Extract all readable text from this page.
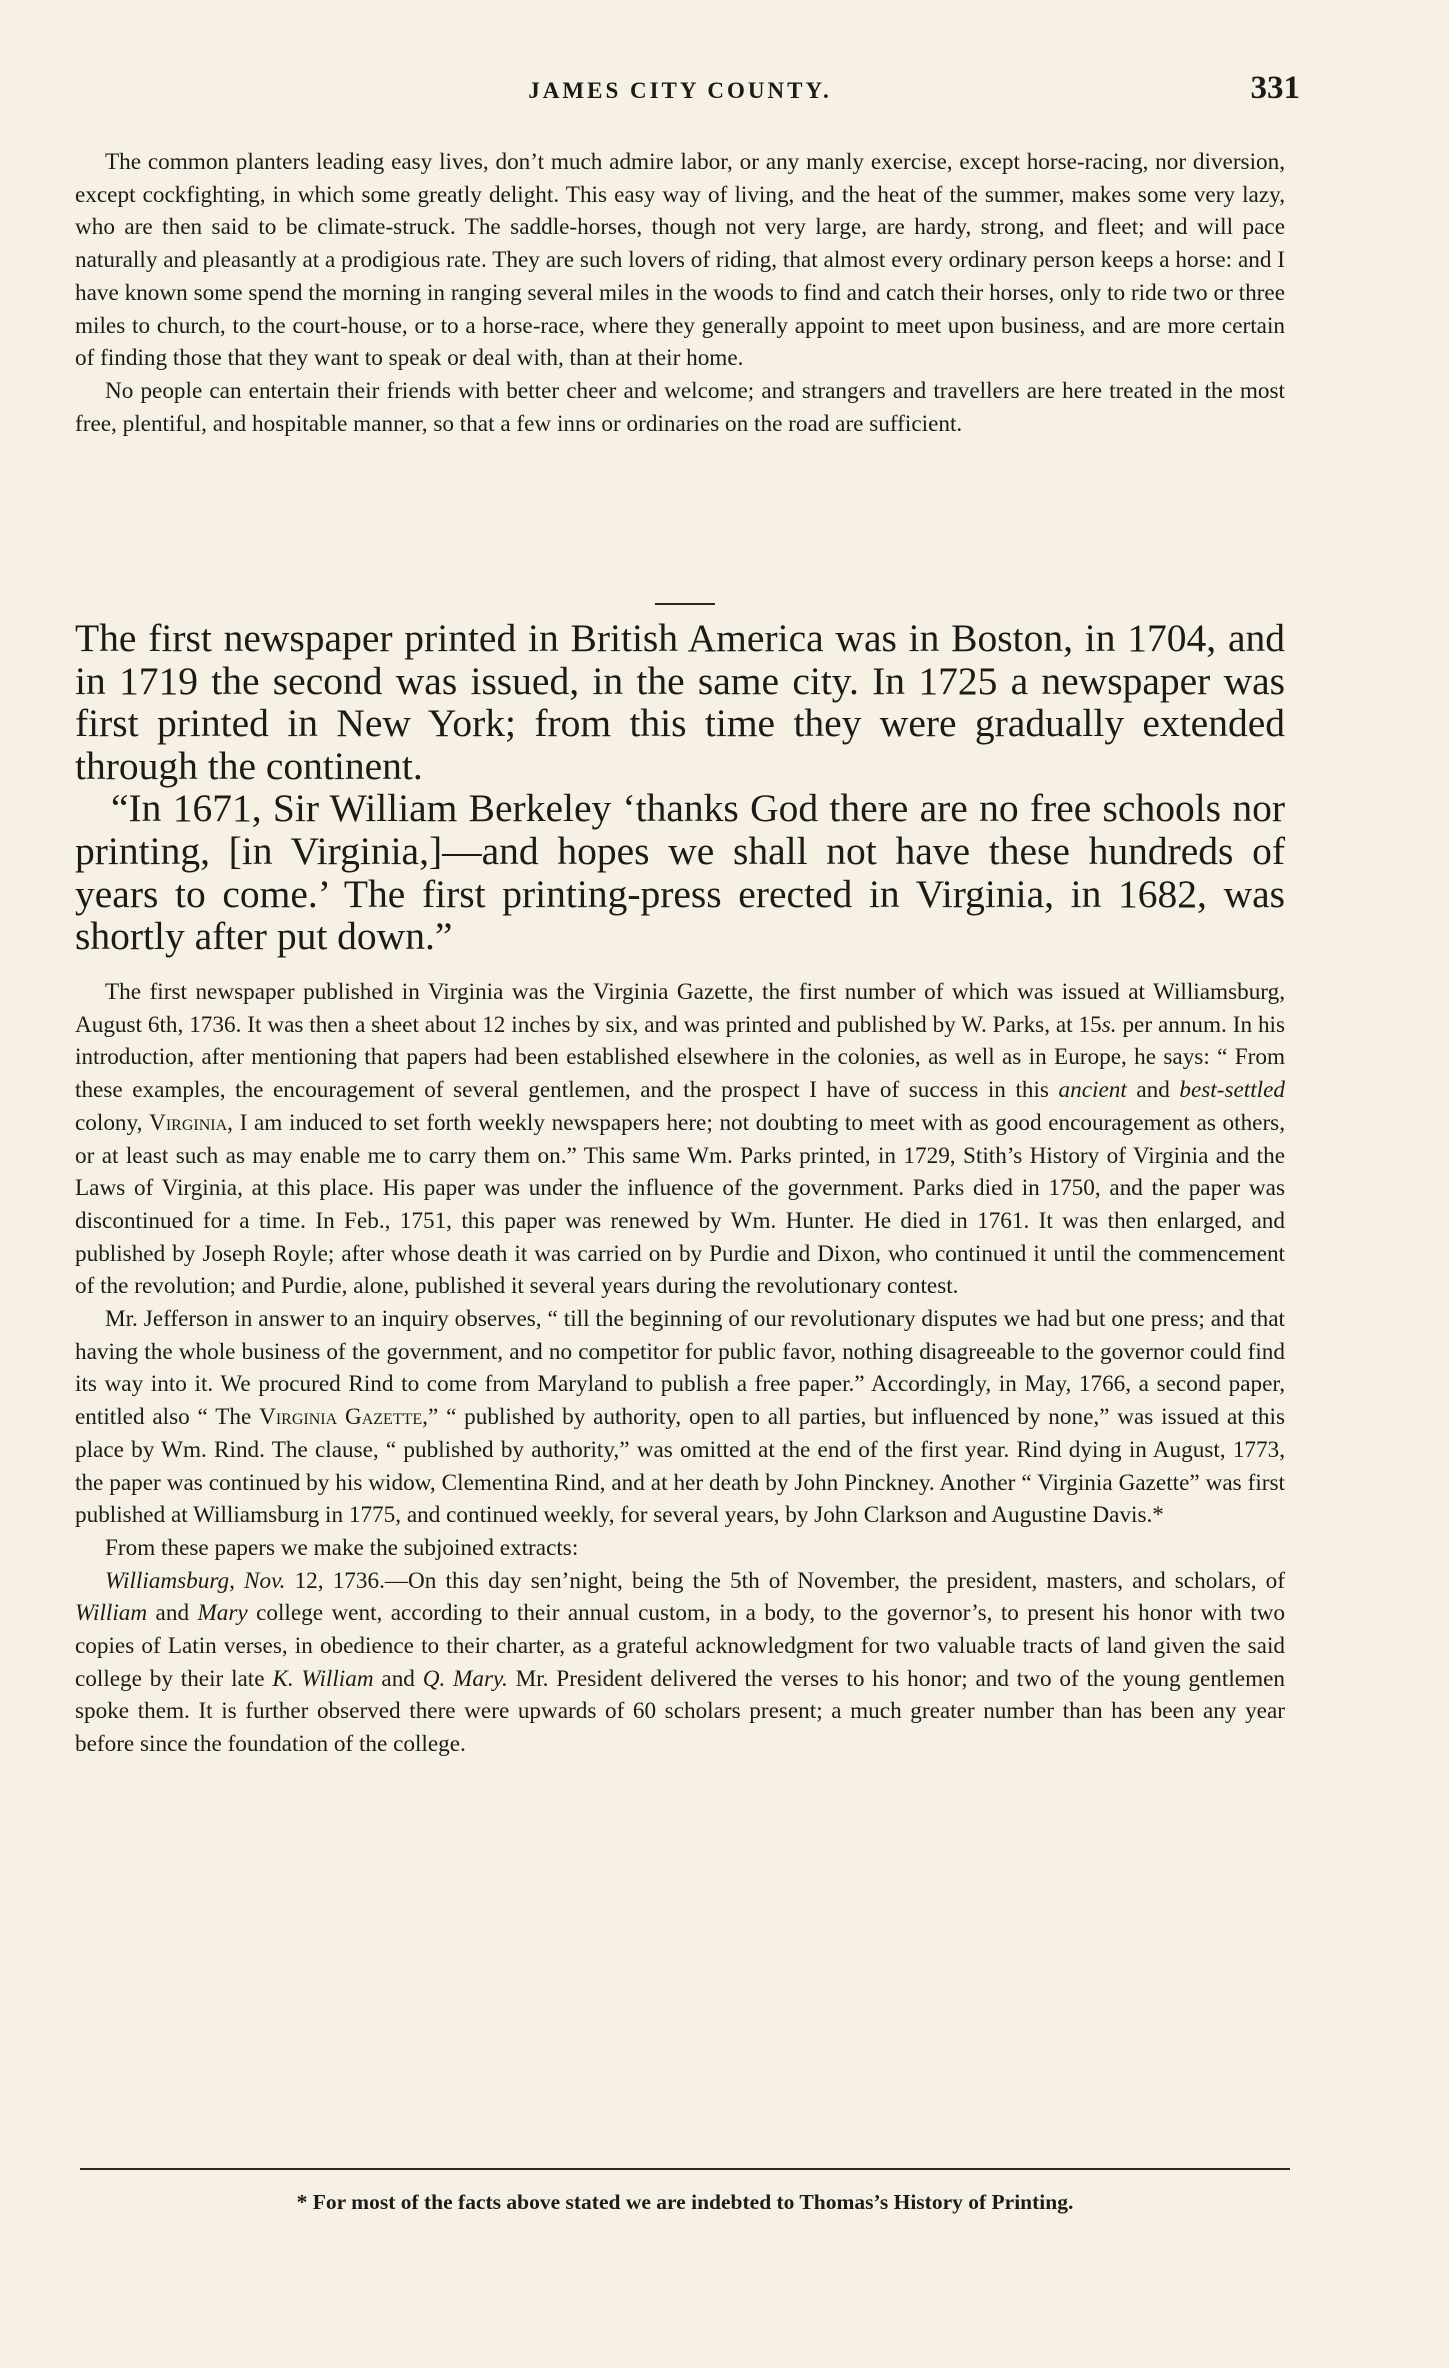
JAMES CITY COUNTY.	331

The common planters leading easy lives, don’t much admire labor, or any manly exercise, except horse-racing, nor diversion, except cockfighting, in which some greatly delight. This easy way of living, and the heat of the summer, makes some very lazy, who are then said to be climate-struck. The saddle-horses, though not very large, are hardy, strong, and fleet; and will pace naturally and pleasantly at a prodigious rate. They are such lovers of riding, that almost every ordinary person keeps a horse: and I have known some spend the morning in ranging several miles in the woods to find and catch their horses, only to ride two or three miles to church, to the court-house, or to a horse-race, where they generally appoint to meet upon business, and are more certain of finding those that they want to speak or deal with, than at their home.

No people can entertain their friends with better cheer and welcome; and strangers and travellers are here treated in the most free, plentiful, and hospitable manner, so that a few inns or ordinaries on the road are sufficient.

The first newspaper printed in British America was in Boston, in 1704, and in 1719 the second was issued, in the same city. In 1725 a newspaper was first printed in New York; from this time they were gradually extended through the continent.

“In 1671, Sir William Berkeley ‘thanks God there are no free schools nor printing, [in Virginia,]—and hopes we shall not have these hundreds of years to come.’ The first printing-press erected in Virginia, in 1682, was shortly after put down.”

The first newspaper published in Virginia was the Virginia Gazette, the first number of which was issued at Williamsburg, August 6th, 1736. It was then a sheet about 12 inches by six, and was printed and published by W. Parks, at 15s. per annum. In his introduction, after mentioning that papers had been established elsewhere in the colonies, as well as in Europe, he says: “ From these examples, the encouragement of several gentlemen, and the prospect I have of success in this ancient and best-settled colony, Virginia, I am induced to set forth weekly newspapers here; not doubting to meet with as good encouragement as others, or at least such as may enable me to carry them on.” This same Wm. Parks printed, in 1729, Stith’s History of Virginia and the Laws of Virginia, at this place. His paper was under the influence of the government. Parks died in 1750, and the paper was discontinued for a time. In Feb., 1751, this paper was renewed by Wm. Hunter. He died in 1761. It was then enlarged, and published by Joseph Royle; after whose death it was carried on by Purdie and Dixon, who continued it until the commencement of the revolution; and Purdie, alone, published it several years during the revolutionary contest.

Mr. Jefferson in answer to an inquiry observes, “ till the beginning of our revolutionary disputes we had but one press; and that having the whole business of the government, and no competitor for public favor, nothing disagreeable to the governor could find its way into it. We procured Rind to come from Maryland to publish a free paper.” Accordingly, in May, 1766, a second paper, entitled also “ The Virginia Gazette,” “ published by authority, open to all parties, but influenced by none,” was issued at this place by Wm. Rind. The clause, “ published by authority,” was omitted at the end of the first year. Rind dying in August, 1773, the paper was continued by his widow, Clementina Rind, and at her death by John Pinckney. Another “ Virginia Gazette” was first published at Williamsburg in 1775, and continued weekly, for several years, by John Clarkson and Augustine Davis.*

From these papers we make the subjoined extracts:

Williamsburg, Nov. 12, 1736.—On this day sen’night, being the 5th of November, the president, masters, and scholars, of William and Mary college went, according to their annual custom, in a body, to the governor’s, to present his honor with two copies of Latin verses, in obedience to their charter, as a grateful acknowledgment for two valuable tracts of land given the said college by their late K. William and Q. Mary. Mr. President delivered the verses to his honor; and two of the young gentlemen spoke them. It is further observed there were upwards of 60 scholars present; a much greater number than has been any year before since the foundation of the college.

* For most of the facts above stated we are indebted to Thomas’s History of Printing.
